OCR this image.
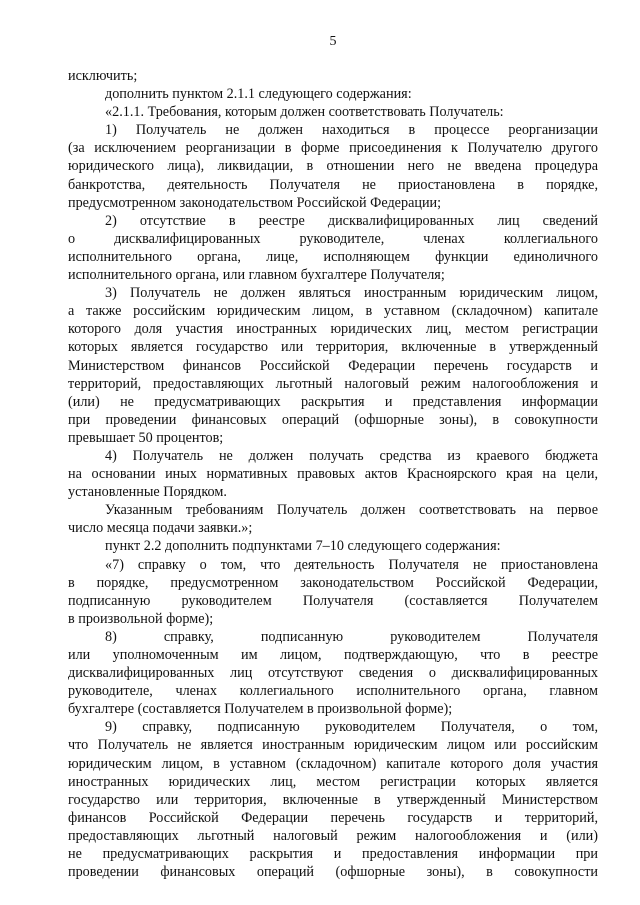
5
исключить;
дополнить пунктом 2.1.1 следующего содержания:
«2.1.1. Требования, которым должен соответствовать Получатель:
1) Получатель не должен находиться в процессе реорганизации
(за исключением реорганизации в форме присоединения к Получателю другого
юридического лица), ликвидации, в отношении него не введена процедура
банкротства, деятельность Получателя не приостановлена в порядке,
предусмотренном законодательством Российской Федерации;
2) отсутствие в реестре дисквалифицированных лиц сведений
о дисквалифицированных руководителе, членах коллегиального
исполнительного органа, лице, исполняющем функции единоличного
исполнительного органа, или главном бухгалтере Получателя;
3) Получатель не должен являться иностранным юридическим лицом,
а также российским юридическим лицом, в уставном (складочном) капитале
которого доля участия иностранных юридических лиц, местом регистрации
которых является государство или территория, включенные в утвержденный
Министерством финансов Российской Федерации перечень государств и
территорий, предоставляющих льготный налоговый режим налогообложения и
(или) не предусматривающих раскрытия и представления информации
при проведении финансовых операций (офшорные зоны), в совокупности
превышает 50 процентов;
4) Получатель не должен получать средства из краевого бюджета
на основании иных нормативных правовых актов Красноярского края на цели,
установленные Порядком.
Указанным требованиям Получатель должен соответствовать на первое
число месяца подачи заявки.»;
пункт 2.2 дополнить подпунктами 7–10 следующего содержания:
«7) справку о том, что деятельность Получателя не приостановлена
в порядке, предусмотренном законодательством Российской Федерации,
подписанную руководителем Получателя (составляется Получателем
в произвольной форме);
8) справку, подписанную руководителем Получателя
или уполномоченным им лицом, подтверждающую, что в реестре
дисквалифицированных лиц отсутствуют сведения о дисквалифицированных
руководителе, членах коллегиального исполнительного органа, главном
бухгалтере (составляется Получателем в произвольной форме);
9) справку, подписанную руководителем Получателя, о том,
что Получатель не является иностранным юридическим лицом или российским
юридическим лицом, в уставном (складочном) капитале которого доля участия
иностранных юридических лиц, местом регистрации которых является
государство или территория, включенные в утвержденный Министерством
финансов Российской Федерации перечень государств и территорий,
предоставляющих льготный налоговый режим налогообложения и (или)
не предусматривающих раскрытия и предоставления информации при
проведении финансовых операций (офшорные зоны), в совокупности
